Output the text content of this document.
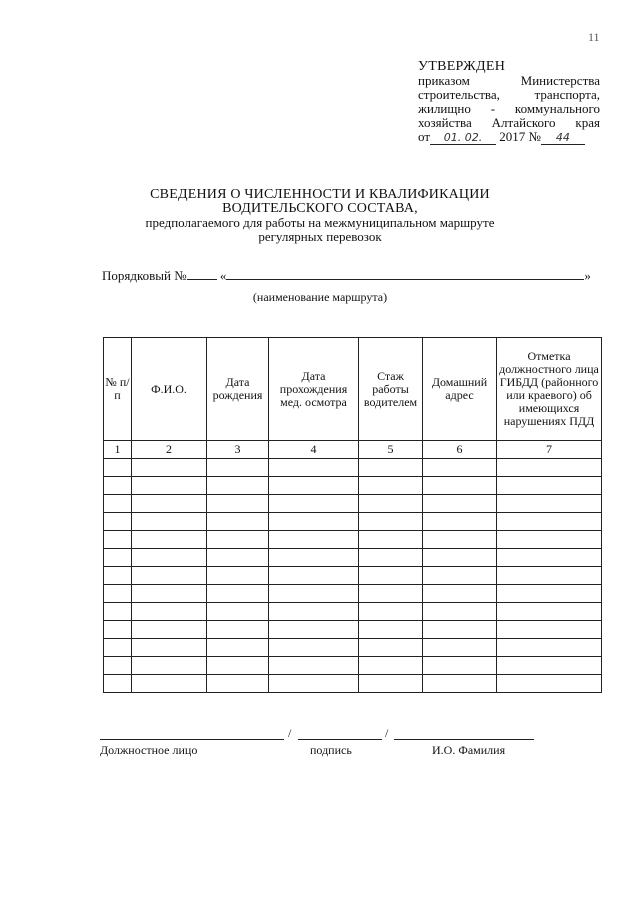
11
УТВЕРЖДЕН
приказом Министерства
строительства, транспорта,
жилищно - коммунального
хозяйства Алтайского края
от 01. 02. 2017 № 44
СВЕДЕНИЯ О ЧИСЛЕННОСТИ И КВАЛИФИКАЦИИ
ВОДИТЕЛЬСКОГО СОСТАВА,
предполагаемого для работы на межмуниципальном маршруте
регулярных перевозок
Порядковый №	«	»
(наименование маршрута)
№ п/п	Ф.И.О.	Дата рождения	Дата прохождения мед. осмотра	Стаж работы водителем	Домашний адрес	Отметка должностного лица ГИБДД (районного или краевого) об имеющихся нарушениях ПДД
1	2	3	4	5	6	7

/	/
Должностное лицо	подпись	И.О. Фамилия
